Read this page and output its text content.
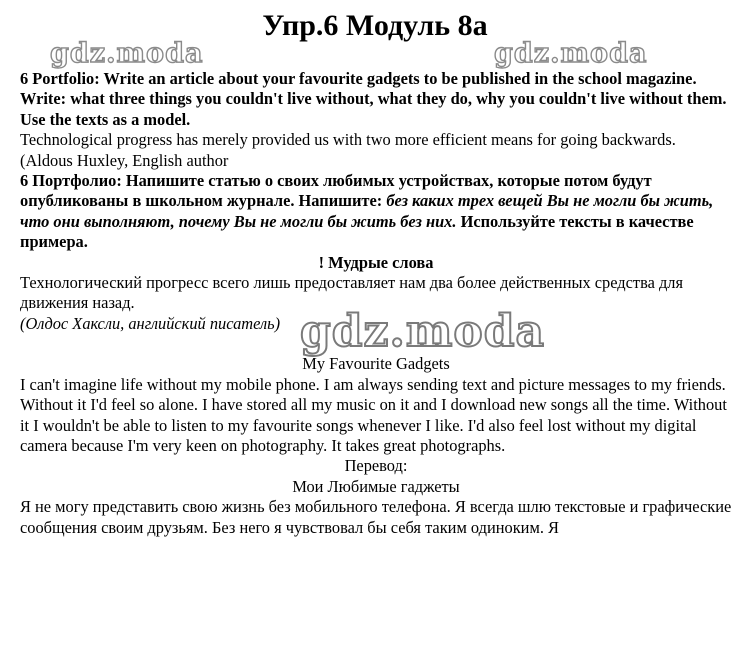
Упр.6 Модуль 8а
gdz.moda	gdz.moda

6 Portfolio: Write an article about your favourite gadgets to be published in the school magazine. Write: what three things you couldn't live without, what they do, why you couldn't live without them. Use the texts as a model.

Technological progress has merely provided us with two more efficient means for going backwards.

(Aldous Huxley, English author

6 Портфолио: Напишите статью о своих любимых устройствах, которые потом будут опубликованы в школьном журнале. Напишите: без каких трех вещей Вы не могли бы жить, что они выполняют, почему Вы не могли бы жить без них. Используйте тексты в качестве примера.

! Мудрые слова

Технологический прогресс всего лишь предоставляет нам два более действенных средства для движения назад.

(Олдос Хаксли, английский писатель)

My Favourite Gadgets

I can't imagine life without my mobile phone. I am always sending text and picture messages to my friends. Without it I'd feel so alone. I have stored all my music on it and I download new songs all the time. Without it I wouldn't be able to listen to my favourite songs whenever I like. I'd also feel lost without my digital camera because I'm very keen on photography. It takes great photographs.

Перевод:

Мои Любимые гаджеты

Я не могу представить свою жизнь без мобильного телефона. Я всегда шлю текстовые и графические сообщения своим друзьям. Без него я чувствовал бы себя таким одиноким. Я

gdz.moda
